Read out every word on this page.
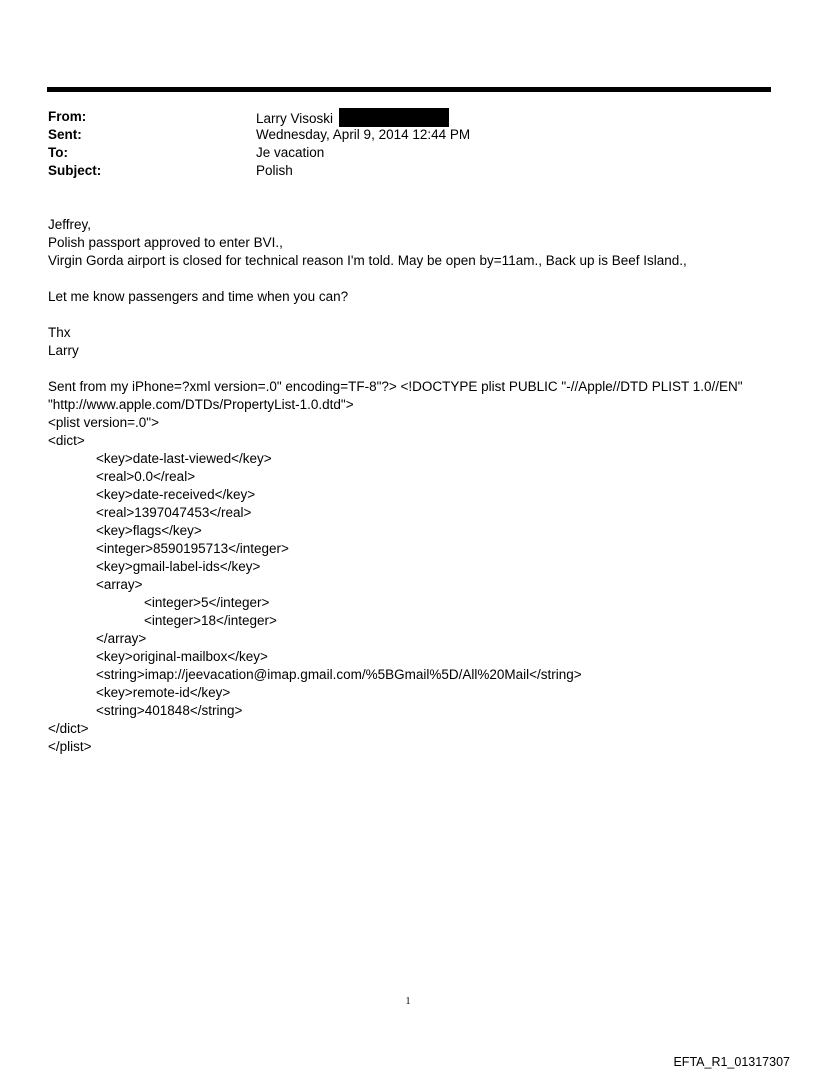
From:	Larry Visoski
Sent:	Wednesday, April 9, 2014 12:44 PM
To:	Je vacation
Subject:	Polish
Jeffrey,
Polish passport approved to enter BVI.,
Virgin Gorda airport is closed for technical reason I'm told. May be open by=11am., Back up is Beef Island.,
Let me know passengers and time when you can?
Thx
Larry
Sent from my iPhone=?xml version=.0" encoding=TF-8"?> <!DOCTYPE plist PUBLIC "-//Apple//DTD PLIST 1.0//EN"
"http://www.apple.com/DTDs/PropertyList-1.0.dtd">
<plist version=.0">
<dict>
<key>date-last-viewed</key>
<real>0.0</real>
<key>date-received</key>
<real>1397047453</real>
<key>flags</key>
<integer>8590195713</integer>
<key>gmail-label-ids</key>
<array>
<integer>5</integer>
<integer>18</integer>
</array>
<key>original-mailbox</key>
<string>imap://jeevacation@imap.gmail.com/%5BGmail%5D/All%20Mail</string>
<key>remote-id</key>
<string>401848</string>
</dict>
</plist>
1
EFTA_R1_01317307
